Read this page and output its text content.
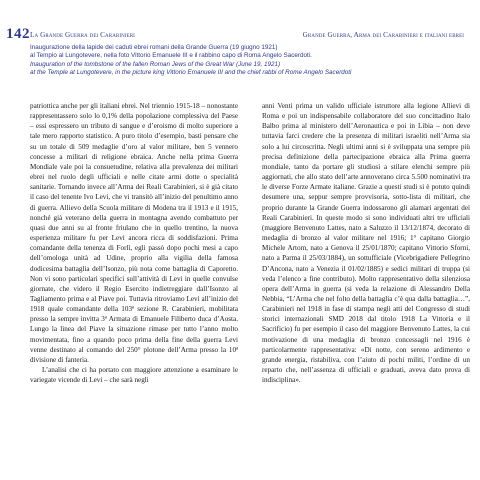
142 La Grande Guerra dei Carabinieri	Grande Guerra, Arma dei Carabinieri e italiani ebrei
Inaugurazione della lapide dei caduti ebrei romani della Grande Guerra (19 giugno 1921)
al Tempio al Lungotevere, nella foto Vittorio Emanuele III e il rabbino capo di Roma Angelo Sacerdoti.
Inauguration of the tombstone of the fallen Roman Jews of the Great War (June 19, 1921)
at the Temple at Lungotevere, in the picture king Vittorio Emanuele III and the chief rabbi of Rome Angelo Sacerdoti

patriottica anche per gli italiani ebrei. Nel triennio 1915-18 – nonostante rappresentassero solo lo 0,1% della popolazione complessiva del Paese – essi espressero un tributo di sangue e d’eroismo di molto superiore a tale mero rapporto statistico. A puro titolo d’esempio, basti pensare che su un totale di 509 medaglie d’oro al valor militare, ben 5 vennero concesse a militari di religione ebraica. Anche nella prima Guerra Mondiale vale poi la consuetudine, relativa alla prevalenza dei militari ebrei nel ruolo degli ufficiali e nelle citate armi dotte o specialità sanitarie. Tornando invece all’Arma dei Reali Carabinieri, si è già citato il caso del tenente Ivo Levi, che vi transitò all’inizio del penultimo anno di guerra. Allievo della Scuola militare di Modena tra il 1913 e il 1915, nonché già veterano della guerra in montagna avendo combattuto per quasi due anni su al fronte friulano che in quello trentino, la nuova esperienza militare fu per Levi ancora ricca di soddisfazioni. Prima comandante della tenenza di Forlì, egli passò dopo pochi mesi a capo dell’omologa unità ad Udine, proprio alla vigilia della famosa dodicesima battaglia dell’Isonzo, più nota come battaglia di Caporetto. Non vi sono particolari specifici sull’attività di Levi in quelle convulse giornate, che videro il Regio Esercito indietreggiare dall’Isonzo al Tagliamento prima e al Piave poi. Tuttavia ritroviamo Levi all’inizio del 1918 quale comandante della 103ª sezione R. Carabinieri, mobilitata presso la sempre invitta 3ª Armata di Emanuele Filiberto duca d’Aosta. Lungo la linea del Piave la situazione rimase per tutto l’anno molto movimentata, fino a quando poco prima della fine della guerra Levi venne destinato al comando del 250° plotone dell’Arma presso la 10ª divisione di fanteria.

L’analisi che ci ha portato con maggiore attenzione a esaminare le variegate vicende di Levi – che sarà negli

anni Venti prima un valido ufficiale istruttore alla legione Allievi di Roma e poi un indispensabile collaboratore del suo concittadino Italo Balbo prima al ministero dell’Aeronautica e poi in Libia – non deve tuttavia farci credere che la presenza di militari israeliti nell’Arma sia solo a lui circoscritta. Negli ultimi anni si è sviluppata una sempre più precisa definizione della partecipazione ebraica alla Prima guerra mondiale, tanto da portare gli studiosi a stilare elenchi sempre più aggiornati, che allo stato dell’arte annoverano circa 5.500 nominativi tra le diverse Forze Armate italiane. Grazie a questi studi si è potuto quindi desumere una, seppur sempre provvisoria, sotto-lista di militari, che proprio durante la Grande Guerra indossarono gli alamari argentati dei Reali Carabinieri. In queste modo si sono individuati altri tre ufficiali (maggiore Benvenuto Lattes, nato a Saluzzo il 13/12/1874, decorato di medaglia di bronzo al valor militare nel 1916; 1° capitano Giorgio Michele Artom, nato a Genova il 25/01/1870; capitano Vittorio Sforni, nato a Parma il 25/03/1884), un sottufficiale (Vicebrigadiere Pellegrino D’Ancona, nato a Venezia il 01/02/1885) e sedici militari di truppa (si veda l’elenco a fine contributo). Molto rappresentativo della silenziosa opera dell’Arma in guerra (si veda la relazione di Alessandro Della Nebbia, “L’Arma che nel folto della battaglia c’è qua dalla battaglia…”, Carabinieri nel 1918 in fase di stampa negli atti del Congresso di studi storici internazionali SMD 2018 dal titolo 1918 La Vittoria e il Sacrificio) fu per esempio il caso del maggiore Benvenuto Lattes, la cui motivazione di una medaglia di bronzo concessagli nel 1916 è particolarmente rappresentativa: «Di notte, con sereno ardimento e grande energia, ristabiliva, con l’aiuto di pochi militi, l’ordine di un reparto che, nell’assenza di ufficiali e graduati, aveva dato prova di indisciplina».
